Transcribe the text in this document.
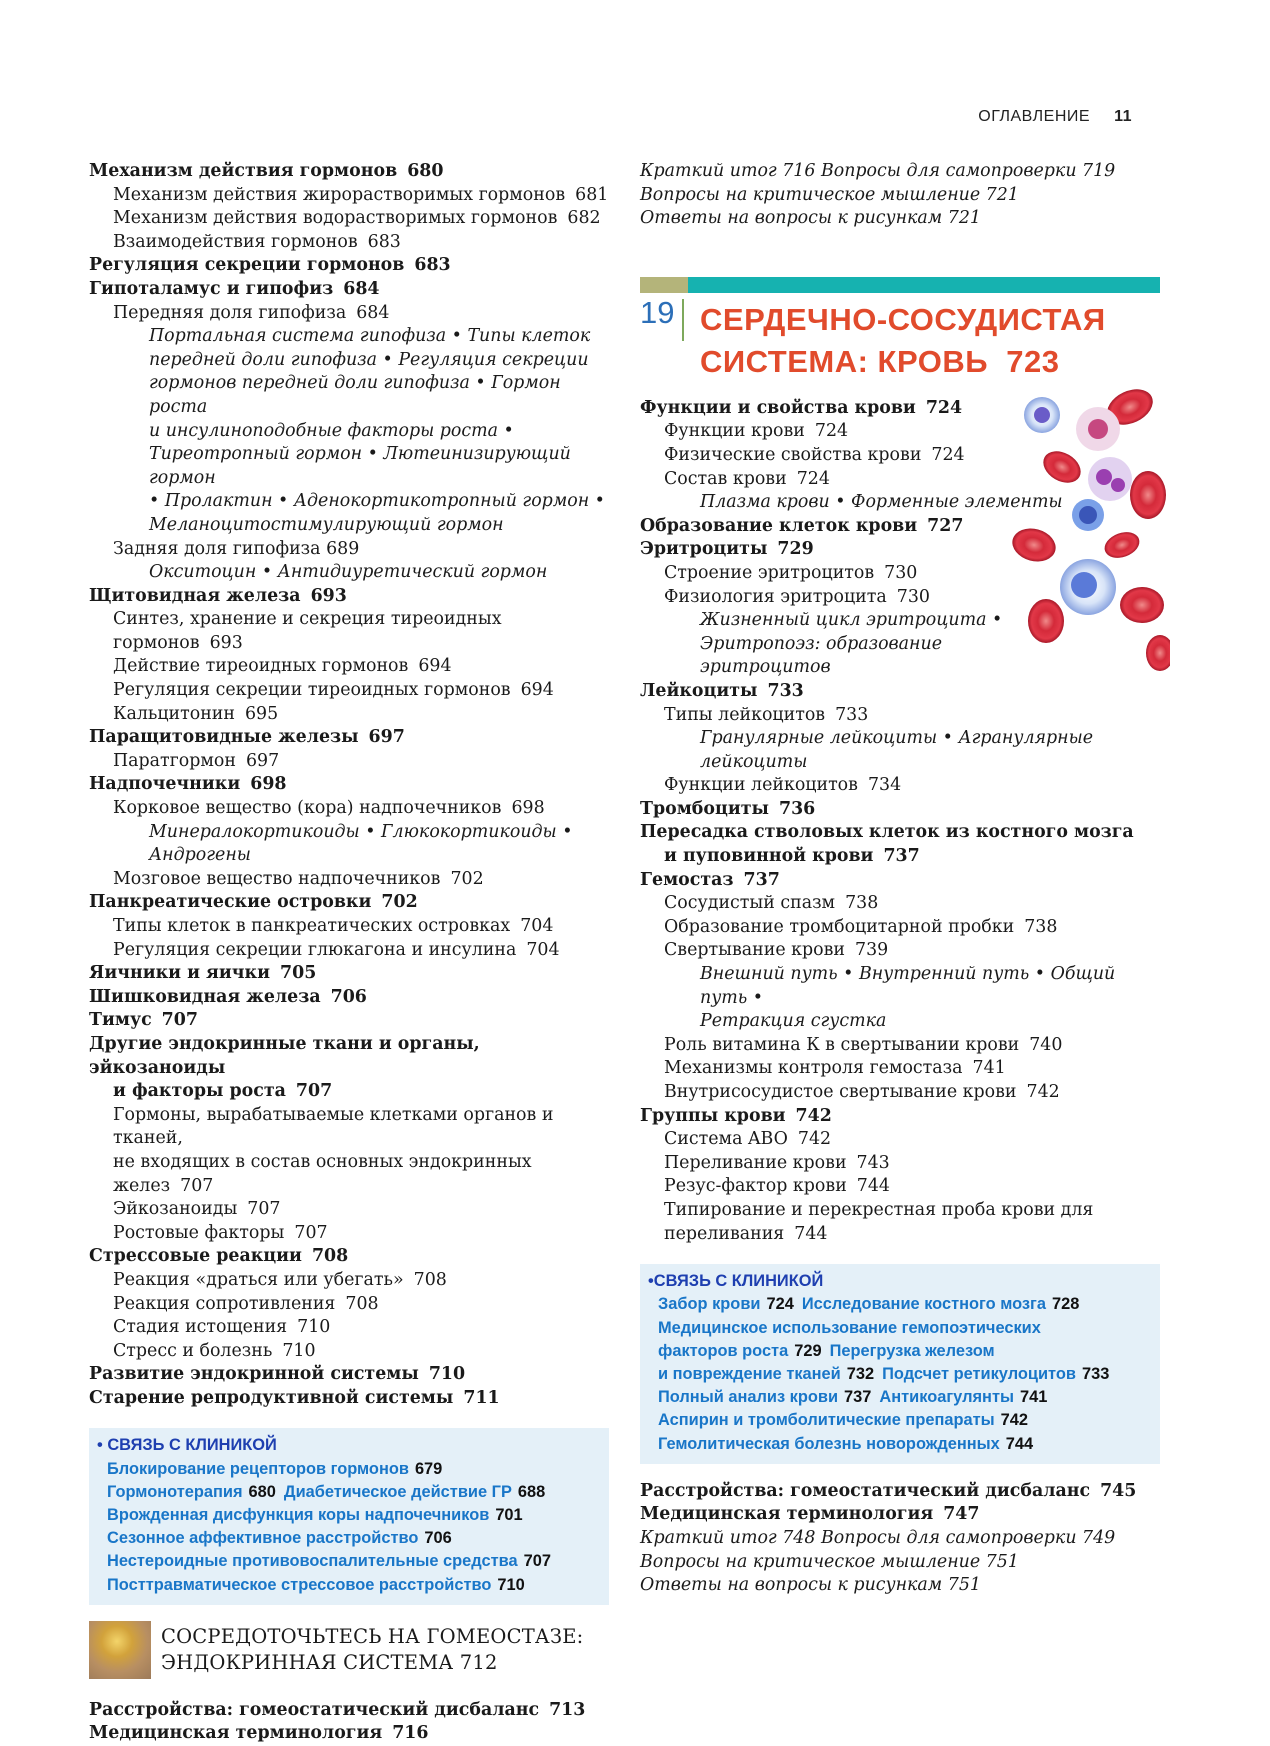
ОГЛАВЛЕНИЕ 11
Механизм действия гормонов 680
Механизм действия жирорастворимых гормонов 681
Механизм действия водорастворимых гормонов 682
Взаимодействия гормонов 683
Регуляция секреции гормонов 683
Гипоталамус и гипофиз 684
Передняя доля гипофиза 684
Портальная система гипофиза • Типы клеток
передней доли гипофиза • Регуляция секреции
гормонов передней доли гипофиза • Гормон роста
и инсулиноподобные факторы роста •
Тиреотропный гормон • Лютеинизирующий гормон
• Пролактин • Аденокортикотропный гормон •
Меланоцитостимулирующий гормон
Задняя доля гипофиза 689
Окситоцин • Антидиуретический гормон
Щитовидная железа 693
Синтез, хранение и секреция тиреоидных гормонов 693
Действие тиреоидных гормонов 694
Регуляция секреции тиреоидных гормонов 694
Кальцитонин 695
Паращитовидные железы 697
Паратгормон 697
Надпочечники 698
Корковое вещество (кора) надпочечников 698
Минералокортикоиды • Глюкокортикоиды •
Андрогены
Мозговое вещество надпочечников 702
Панкреатические островки 702
Типы клеток в панкреатических островках 704
Регуляция секреции глюкагона и инсулина 704
Яичники и яички 705
Шишковидная железа 706
Тимус 707
Другие эндокринные ткани и органы, эйкозаноиды
и факторы роста 707
Гормоны, вырабатываемые клетками органов и тканей,
не входящих в состав основных эндокринных желез 707
Эйкозаноиды 707
Ростовые факторы 707
Стрессовые реакции 708
Реакция «драться или убегать» 708
Реакция сопротивления 708
Стадия истощения 710
Стресс и болезнь 710
Развитие эндокринной системы 710
Старение репродуктивной системы 711
• СВЯЗЬ С КЛИНИКОЙ
Блокирование рецепторов гормонов 679
Гормонотерапия 680 Диабетическое действие ГР 688
Врожденная дисфункция коры надпочечников 701
Сезонное аффективное расстройство 706
Нестероидные противовоспалительные средства 707
Посттравматическое стрессовое расстройство 710
СОСРЕДОТОЧЬТЕСЬ НА ГОМЕОСТАЗЕ:
ЭНДОКРИННАЯ СИСТЕМА 712
Расстройства: гомеостатический дисбаланс 713
Медицинская терминология 716
Краткий итог 716 Вопросы для самопроверки 719
Вопросы на критическое мышление 721
Ответы на вопросы к рисункам 721
19 СЕРДЕЧНО-СОСУДИСТАЯ
СИСТЕМА: КРОВЬ 723
Функции и свойства крови 724
Функции крови 724
Физические свойства крови 724
Состав крови 724
Плазма крови • Форменные элементы
Образование клеток крови 727
Эритроциты 729
Строение эритроцитов 730
Физиология эритроцита 730
Жизненный цикл эритроцита •
Эритропоэз: образование
эритроцитов
Лейкоциты 733
Типы лейкоцитов 733
Гранулярные лейкоциты • Агранулярные
лейкоциты
Функции лейкоцитов 734
Тромбоциты 736
Пересадка стволовых клеток из костного мозга
и пуповинной крови 737
Гемостаз 737
Сосудистый спазм 738
Образование тромбоцитарной пробки 738
Свертывание крови 739
Внешний путь • Внутренний путь • Общий путь •
Ретракция сгустка
Роль витамина К в свертывании крови 740
Механизмы контроля гемостаза 741
Внутрисосудистое свертывание крови 742
Группы крови 742
Система ABO 742
Переливание крови 743
Резус-фактор крови 744
Типирование и перекрестная проба крови для
переливания 744
•СВЯЗЬ С КЛИНИКОЙ
Забор крови 724 Исследование костного мозга 728
Медицинское использование гемопоэтических
факторов роста 729 Перегрузка железом
и повреждение тканей 732 Подсчет ретикулоцитов 733
Полный анализ крови 737 Антикоагулянты 741
Аспирин и тромболитические препараты 742
Гемолитическая болезнь новорожденных 744
Расстройства: гомеостатический дисбаланс 745
Медицинская терминология 747
Краткий итог 748 Вопросы для самопроверки 749
Вопросы на критическое мышление 751
Ответы на вопросы к рисункам 751
